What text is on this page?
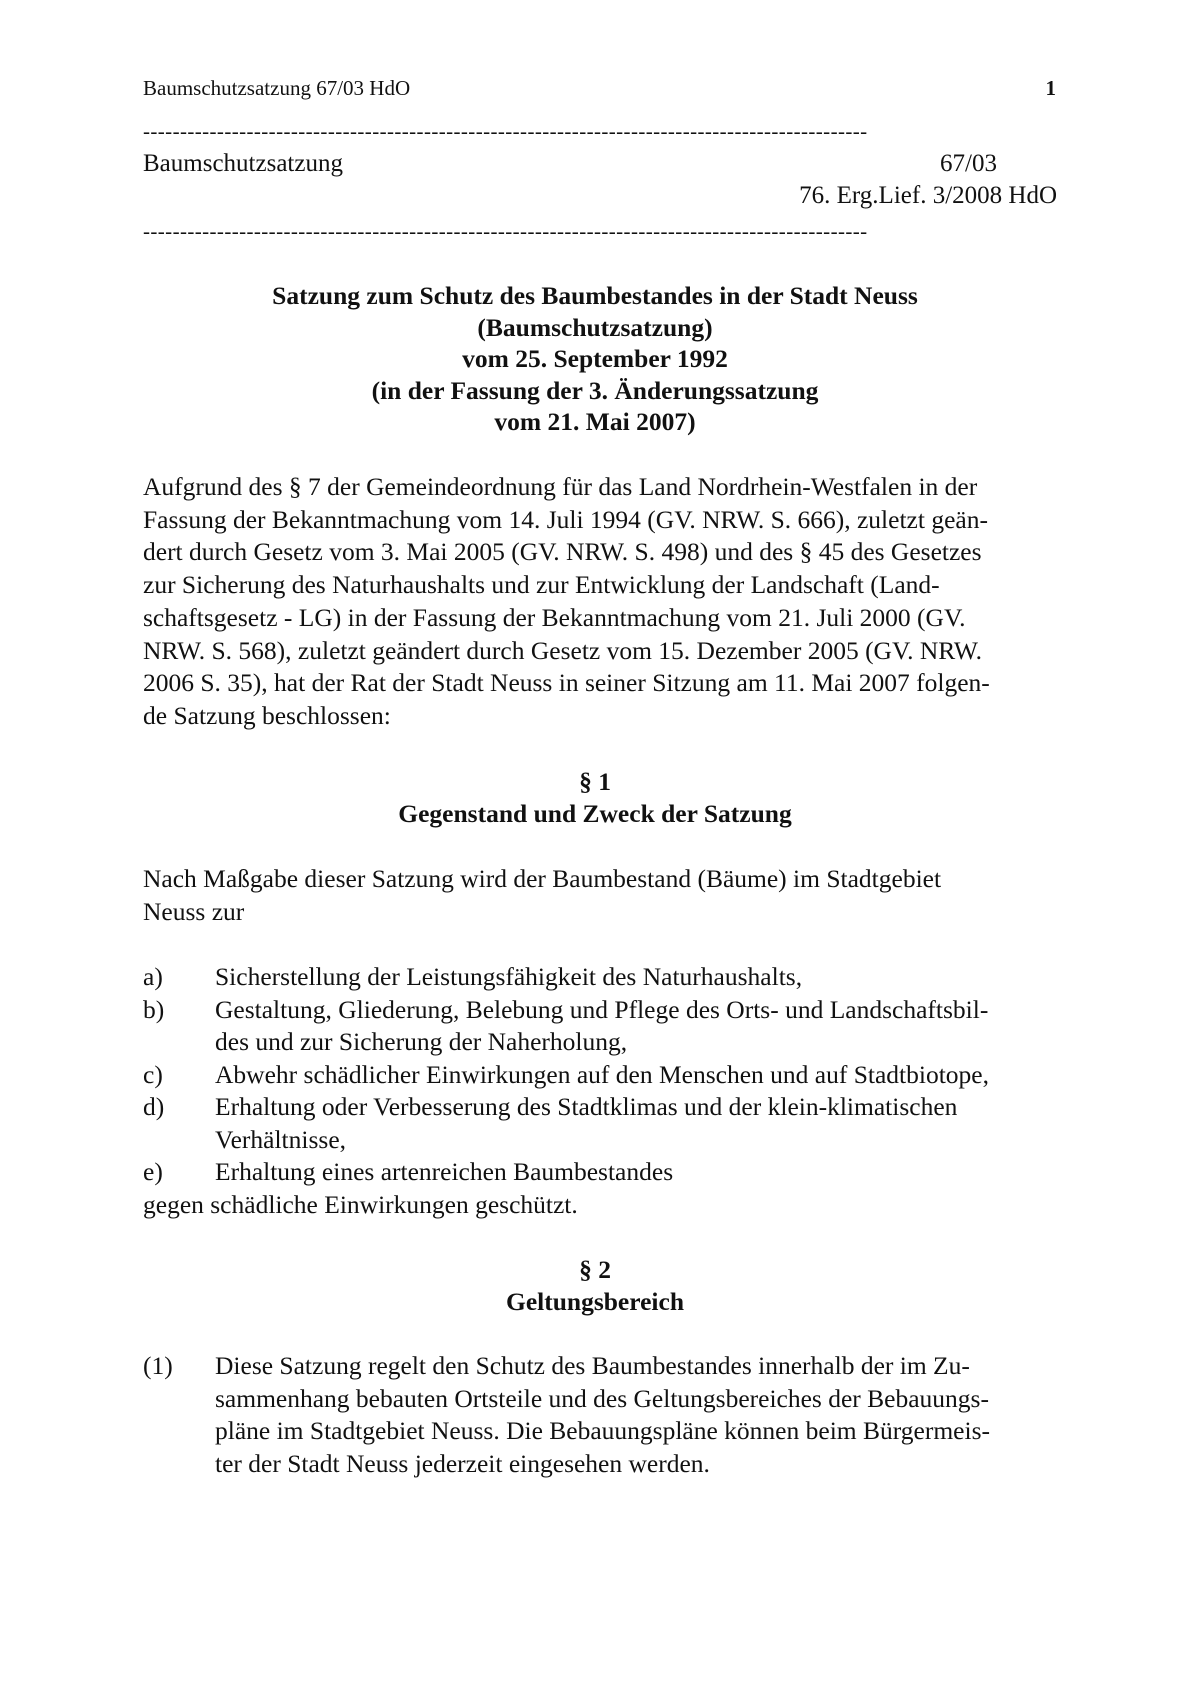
Baumschutzsatzung 67/03 HdO	1
--------------------------------------------------------------------------------------------------
Baumschutzsatzung	67/03
76. Erg.Lief. 3/2008 HdO
--------------------------------------------------------------------------------------------------
Satzung zum Schutz des Baumbestandes in der Stadt Neuss
(Baumschutzsatzung)
vom 25. September 1992
(in der Fassung der 3. Änderungssatzung
vom 21. Mai 2007)
Aufgrund des § 7 der Gemeindeordnung für das Land Nordrhein-Westfalen in der
Fassung der Bekanntmachung vom 14. Juli 1994 (GV. NRW. S. 666), zuletzt geän-
dert durch Gesetz vom 3. Mai 2005 (GV. NRW. S. 498) und des § 45 des Gesetzes
zur Sicherung des Naturhaushalts und zur Entwicklung der Landschaft (Land-
schaftsgesetz - LG) in der Fassung der Bekanntmachung vom 21. Juli 2000 (GV.
NRW. S. 568), zuletzt geändert durch Gesetz vom 15. Dezember 2005 (GV. NRW.
2006 S. 35), hat der Rat der Stadt Neuss in seiner Sitzung am 11. Mai 2007 folgen-
de Satzung beschlossen:
§ 1
Gegenstand und Zweck der Satzung
Nach Maßgabe dieser Satzung wird der Baumbestand (Bäume) im Stadtgebiet
Neuss zur
a)	Sicherstellung der Leistungsfähigkeit des Naturhaushalts,
b)	Gestaltung, Gliederung, Belebung und Pflege des Orts- und Landschaftsbil-
des und zur Sicherung der Naherholung,
c)	Abwehr schädlicher Einwirkungen auf den Menschen und auf Stadtbiotope,
d)	Erhaltung oder Verbesserung des Stadtklimas und der klein-klimatischen
Verhältnisse,
e)	Erhaltung eines artenreichen Baumbestandes
gegen schädliche Einwirkungen geschützt.
§ 2
Geltungsbereich
(1)	Diese Satzung regelt den Schutz des Baumbestandes innerhalb der im Zu-
sammenhang bebauten Ortsteile und des Geltungsbereiches der Bebauungs-
pläne im Stadtgebiet Neuss. Die Bebauungspläne können beim Bürgermeis-
ter der Stadt Neuss jederzeit eingesehen werden.
